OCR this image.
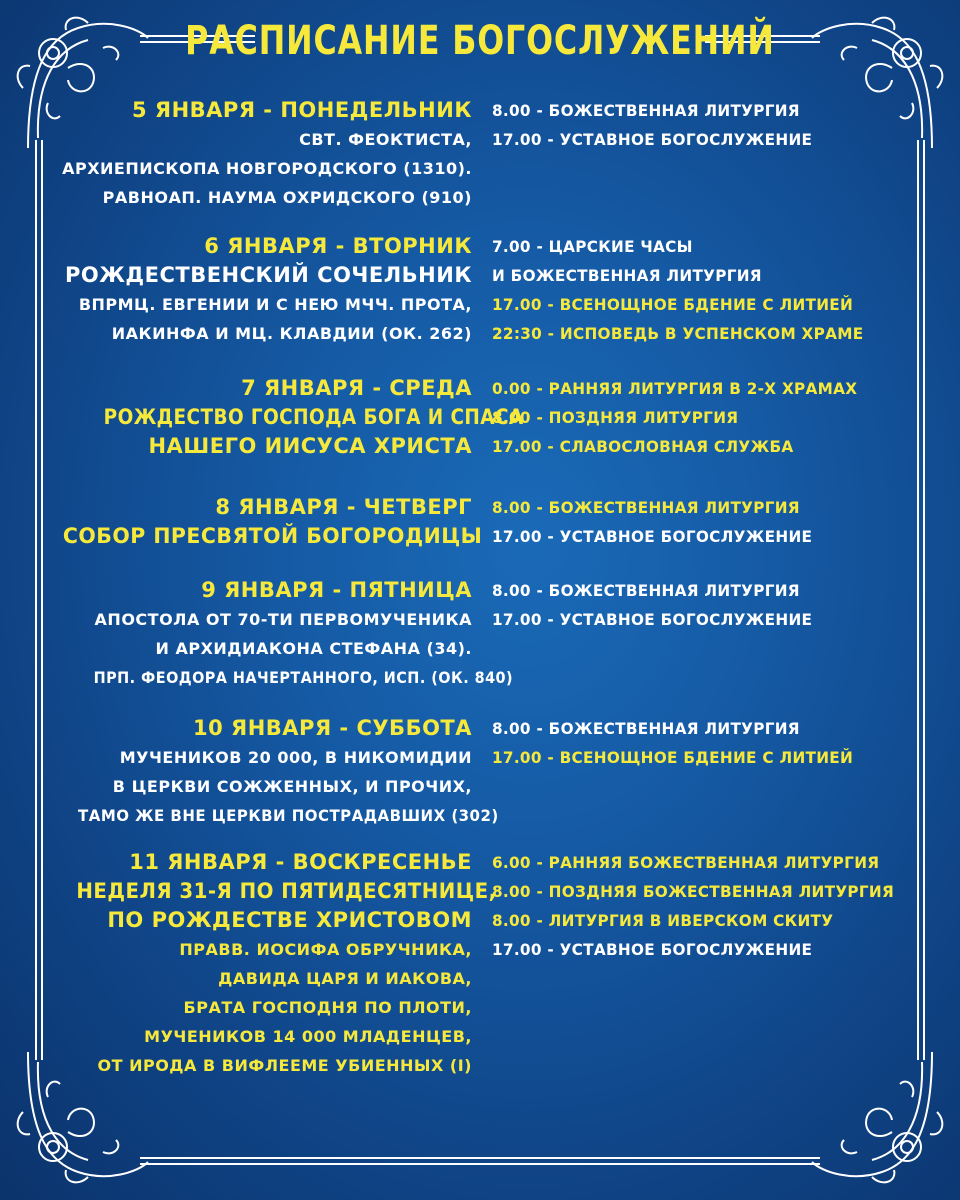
РАСПИСАНИЕ БОГОСЛУЖЕНИЙ
5 ЯНВАРЯ - ПОНЕДЕЛЬНИК
СВТ. ФЕОКТИСТА,
АРХИЕПИСКОПА НОВГОРОДСКОГО (1310).
РАВНОАП. НАУМА ОХРИДСКОГО (910)
8.00 - БОЖЕСТВЕННАЯ ЛИТУРГИЯ
17.00 - УСТАВНОЕ БОГОСЛУЖЕНИЕ
6 ЯНВАРЯ - ВТОРНИК
РОЖДЕСТВЕНСКИЙ СОЧЕЛЬНИК
ВПРМЦ. ЕВГЕНИИ И С НЕЮ МЧЧ. ПРОТА,
ИАКИНФА И МЦ. КЛАВДИИ (ОК. 262)
7.00 - ЦАРСКИЕ ЧАСЫ
И БОЖЕСТВЕННАЯ ЛИТУРГИЯ
17.00 - ВСЕНОЩНОЕ БДЕНИЕ С ЛИТИЕЙ
22:30 - ИСПОВЕДЬ В УСПЕНСКОМ ХРАМЕ
7 ЯНВАРЯ - СРЕДА
РОЖДЕСТВО ГОСПОДА БОГА И СПАСА
НАШЕГО ИИСУСА ХРИСТА
0.00 - РАННЯЯ ЛИТУРГИЯ В 2-Х ХРАМАХ
8.00 - ПОЗДНЯЯ ЛИТУРГИЯ
17.00 - СЛАВОСЛОВНАЯ СЛУЖБА
8 ЯНВАРЯ - ЧЕТВЕРГ
СОБОР ПРЕСВЯТОЙ БОГОРОДИЦЫ
8.00 - БОЖЕСТВЕННАЯ ЛИТУРГИЯ
17.00 - УСТАВНОЕ БОГОСЛУЖЕНИЕ
9 ЯНВАРЯ - ПЯТНИЦА
АПОСТОЛА ОТ 70-ТИ ПЕРВОМУЧЕНИКА
И АРХИДИАКОНА СТЕФАНА (34).
ПРП. ФЕОДОРА НАЧЕРТАННОГО, ИСП. (ОК. 840)
8.00 - БОЖЕСТВЕННАЯ ЛИТУРГИЯ
17.00 - УСТАВНОЕ БОГОСЛУЖЕНИЕ
10 ЯНВАРЯ - СУББОТА
МУЧЕНИКОВ 20 000, В НИКОМИДИИ
В ЦЕРКВИ СОЖЖЕННЫХ, И ПРОЧИХ,
ТАМО ЖЕ ВНЕ ЦЕРКВИ ПОСТРАДАВШИХ (302)
8.00 - БОЖЕСТВЕННАЯ ЛИТУРГИЯ
17.00 - ВСЕНОЩНОЕ БДЕНИЕ С ЛИТИЕЙ
11 ЯНВАРЯ - ВОСКРЕСЕНЬЕ
НЕДЕЛЯ 31-Я ПО ПЯТИДЕСЯТНИЦЕ,
ПО РОЖДЕСТВЕ ХРИСТОВОМ
ПРАВВ. ИОСИФА ОБРУЧНИКА,
ДАВИДА ЦАРЯ И ИАКОВА,
БРАТА ГОСПОДНЯ ПО ПЛОТИ,
МУЧЕНИКОВ 14 000 МЛАДЕНЦЕВ,
ОТ ИРОДА В ВИФЛЕЕМЕ УБИЕННЫХ (I)
6.00 - РАННЯЯ БОЖЕСТВЕННАЯ ЛИТУРГИЯ
8.00 - ПОЗДНЯЯ БОЖЕСТВЕННАЯ ЛИТУРГИЯ
8.00 - ЛИТУРГИЯ В ИВЕРСКОМ СКИТУ
17.00 - УСТАВНОЕ БОГОСЛУЖЕНИЕ
